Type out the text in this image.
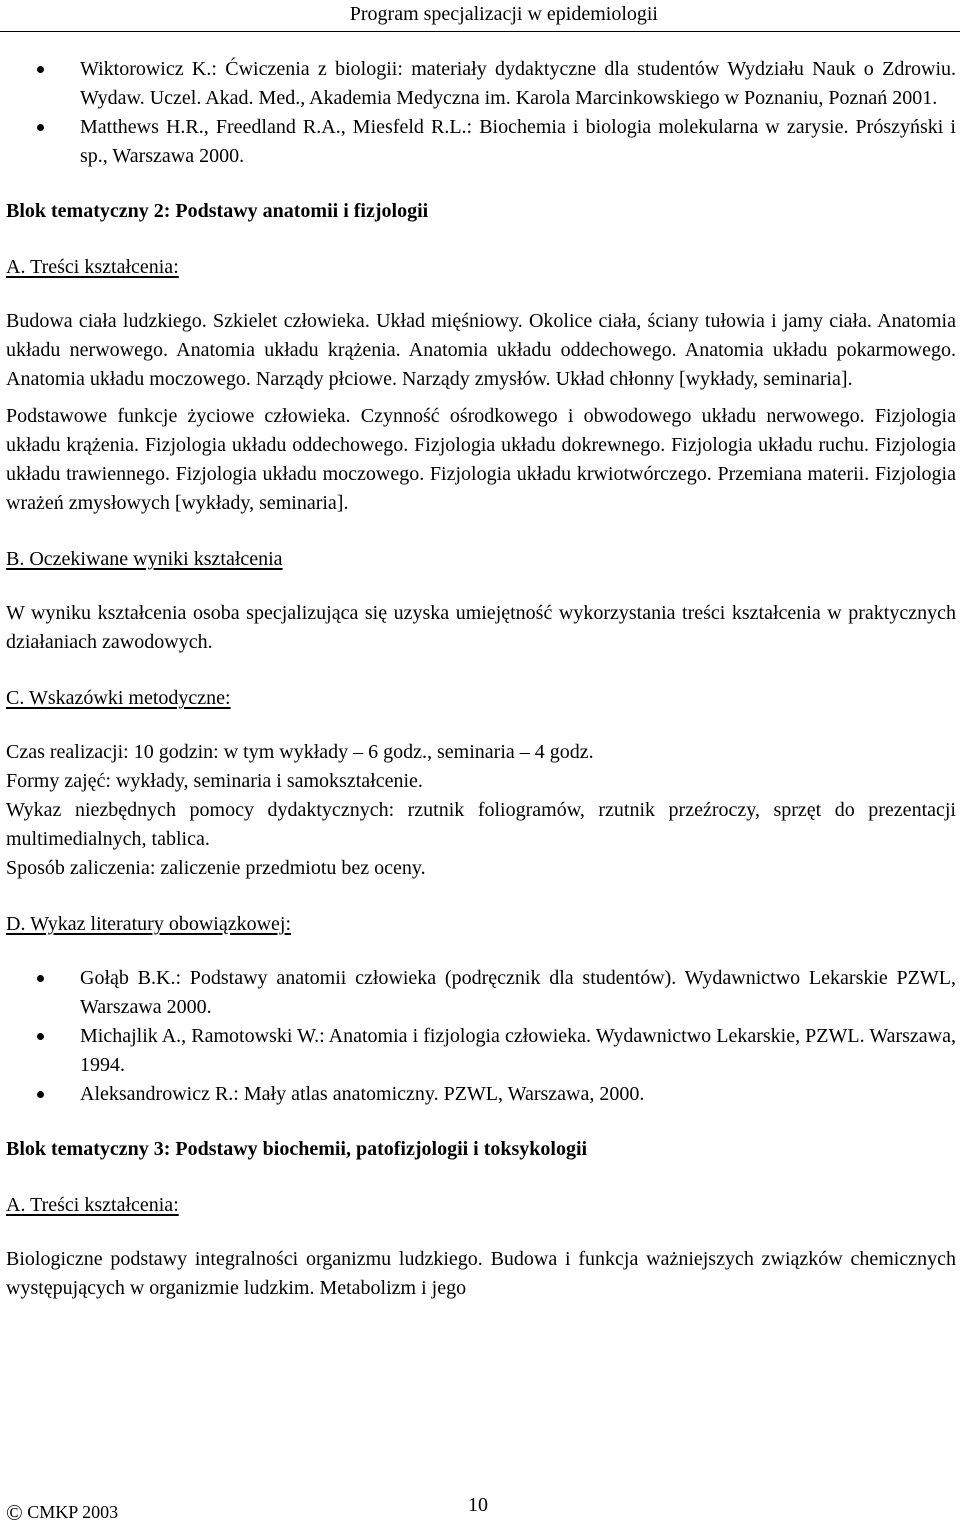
Program specjalizacji w epidemiologii
Wiktorowicz K.: Ćwiczenia z biologii: materiały dydaktyczne dla studentów Wydziału Nauk o Zdrowiu. Wydaw. Uczel. Akad. Med., Akademia Medyczna im. Karola Marcinkowskiego w Poznaniu, Poznań 2001.
Matthews H.R., Freedland R.A., Miesfeld R.L.: Biochemia i biologia molekularna w zarysie. Prószyński i sp., Warszawa 2000.
Blok tematyczny 2: Podstawy anatomii i fizjologii
A. Treści kształcenia:

Budowa ciała ludzkiego. Szkielet człowieka. Układ mięśniowy. Okolice ciała, ściany tułowia i jamy ciała. Anatomia układu nerwowego. Anatomia układu krążenia. Anatomia układu oddechowego. Anatomia układu pokarmowego. Anatomia układu moczowego. Narządy płciowe. Narządy zmysłów. Układ chłonny [wykłady, seminaria].

Podstawowe funkcje życiowe człowieka. Czynność ośrodkowego i obwodowego układu nerwowego. Fizjologia układu krążenia. Fizjologia układu oddechowego. Fizjologia układu dokrewnego. Fizjologia układu ruchu. Fizjologia układu trawiennego. Fizjologia układu moczowego. Fizjologia układu krwiotwórczego. Przemiana materii. Fizjologia wrażeń zmysłowych [wykłady, seminaria].

B. Oczekiwane wyniki kształcenia

W wyniku kształcenia osoba specjalizująca się uzyska umiejętność wykorzystania treści kształcenia w praktycznych działaniach zawodowych.

C. Wskazówki metodyczne:

Czas realizacji: 10 godzin: w tym wykłady – 6 godz., seminaria – 4 godz.

Formy zajęć: wykłady, seminaria i samokształcenie.

Wykaz niezbędnych pomocy dydaktycznych: rzutnik foliogramów, rzutnik przeźroczy, sprzęt do prezentacji multimedialnych, tablica.

Sposób zaliczenia: zaliczenie przedmiotu bez oceny.

D. Wykaz literatury obowiązkowej:
Gołąb B.K.: Podstawy anatomii człowieka (podręcznik dla studentów). Wydawnictwo Lekarskie PZWL, Warszawa 2000.
Michajlik A., Ramotowski W.: Anatomia i fizjologia człowieka. Wydawnictwo Lekarskie, PZWL. Warszawa, 1994.
Aleksandrowicz R.: Mały atlas anatomiczny. PZWL, Warszawa, 2000.
Blok tematyczny 3: Podstawy biochemii, patofizjologii i toksykologii
A. Treści kształcenia:

Biologiczne podstawy integralności organizmu ludzkiego. Budowa i funkcja ważniejszych związków chemicznych występujących w organizmie ludzkim. Metabolizm i jego

© CMKP 2003	10
